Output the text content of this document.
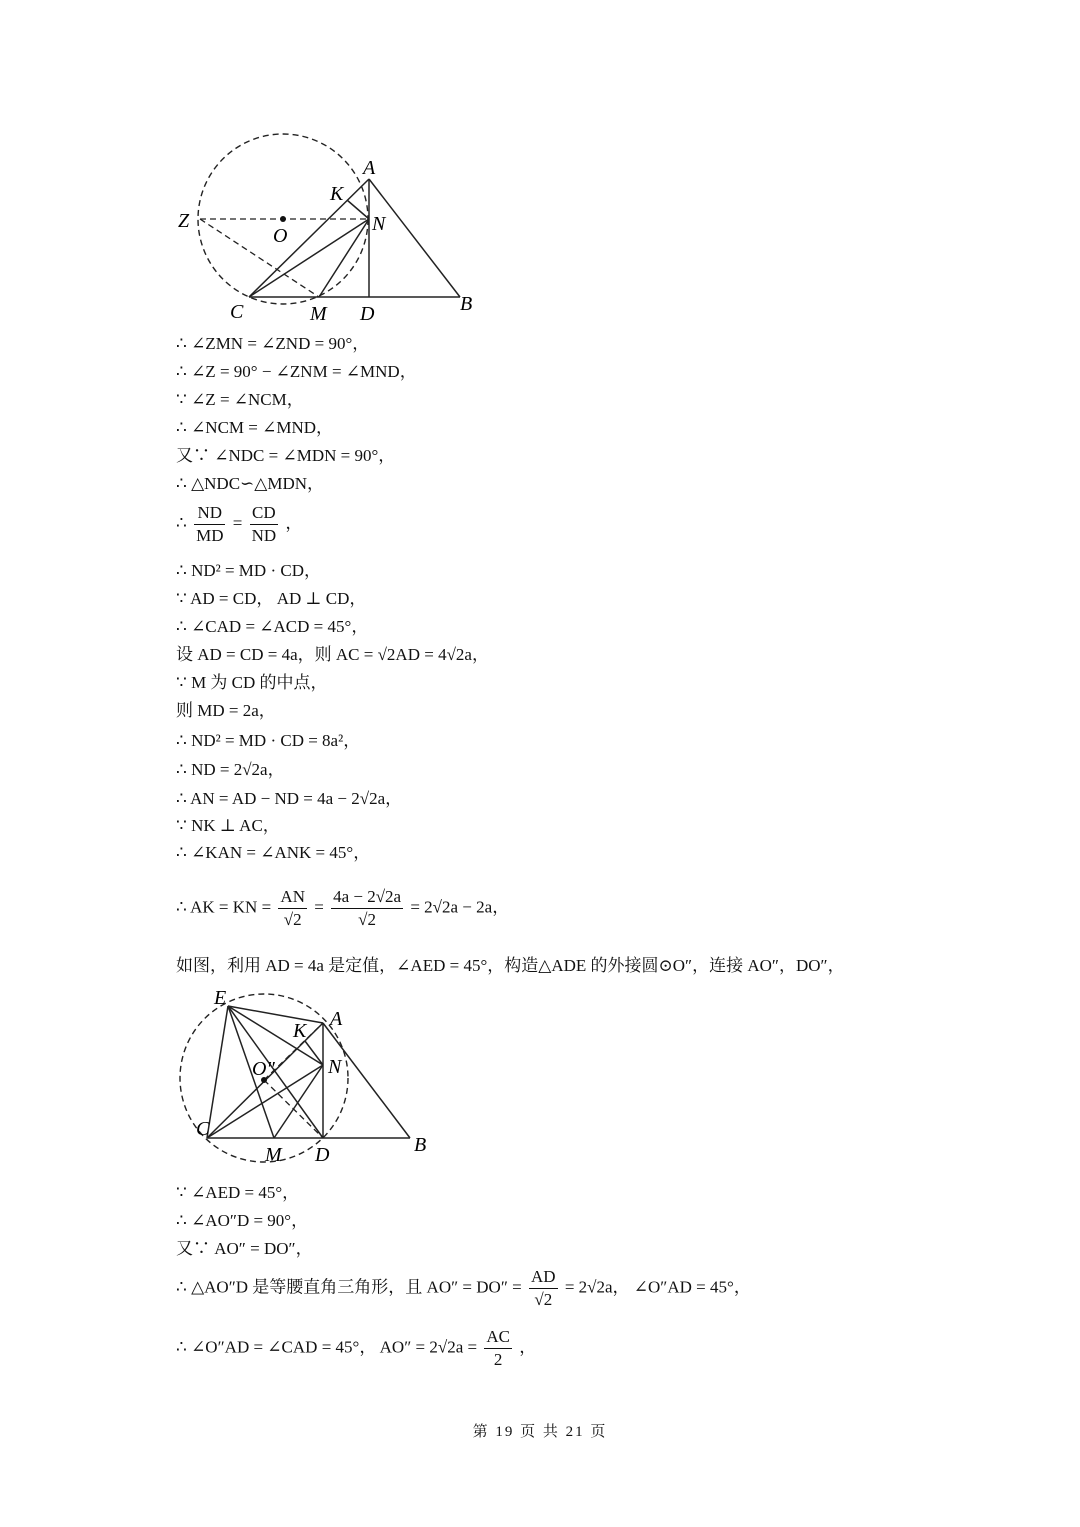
A
K
Z
O
N
C	M D	B
∴ ∠ZMN = ∠ZND = 90°，
∴ ∠Z = 90° − ∠ZNM = ∠MND，
∵ ∠Z = ∠NCM，
∴ ∠NCM = ∠MND，
又∵ ∠NDC = ∠MDN = 90°，
∴ △NDC∽△MDN，
∴ $\frac{ND}{MD} = \frac{CD}{ND}$ ，
∴ ND² = MD · CD，
∵ AD = CD， AD ⊥ CD，
∴ ∠CAD = ∠ACD = 45°，
设 AD = CD = 4a，则 AC = √2AD = 4√2a，
∵ M 为 CD 的中点，
则 MD = 2a，
∴ ND² = MD · CD = 8a²，
∴ ND = 2√2a，
∴ AN = AD − ND = 4a − 2√2a，
∵ NK ⊥ AC，
∴ ∠KAN = ∠ANK = 45°，
∴ AK = KN = $\frac{AN}{√2} = \frac{4a - 2√2a}{√2} = 2√2a - 2a$，
如图，利用 AD = 4a 是定值，∠AED = 45°，构造△ADE 的外接圆⊙O″，连接 AO″，DO″，
E
A
K
O″	N
C
M D	B
∵ ∠AED = 45°，
∴ ∠AO″D = 90°，
又∵ AO″ = DO″，
∴ △AO″D 是等腰直角三角形，且 $AO'' = DO'' = \frac{AD}{√2} = 2√2a$， ∠O″AD = 45°，
∴ ∠O″AD = ∠CAD = 45°， $AO'' = 2√2a = \frac{AC}{2}$ ，
第 19 页 共 21 页
